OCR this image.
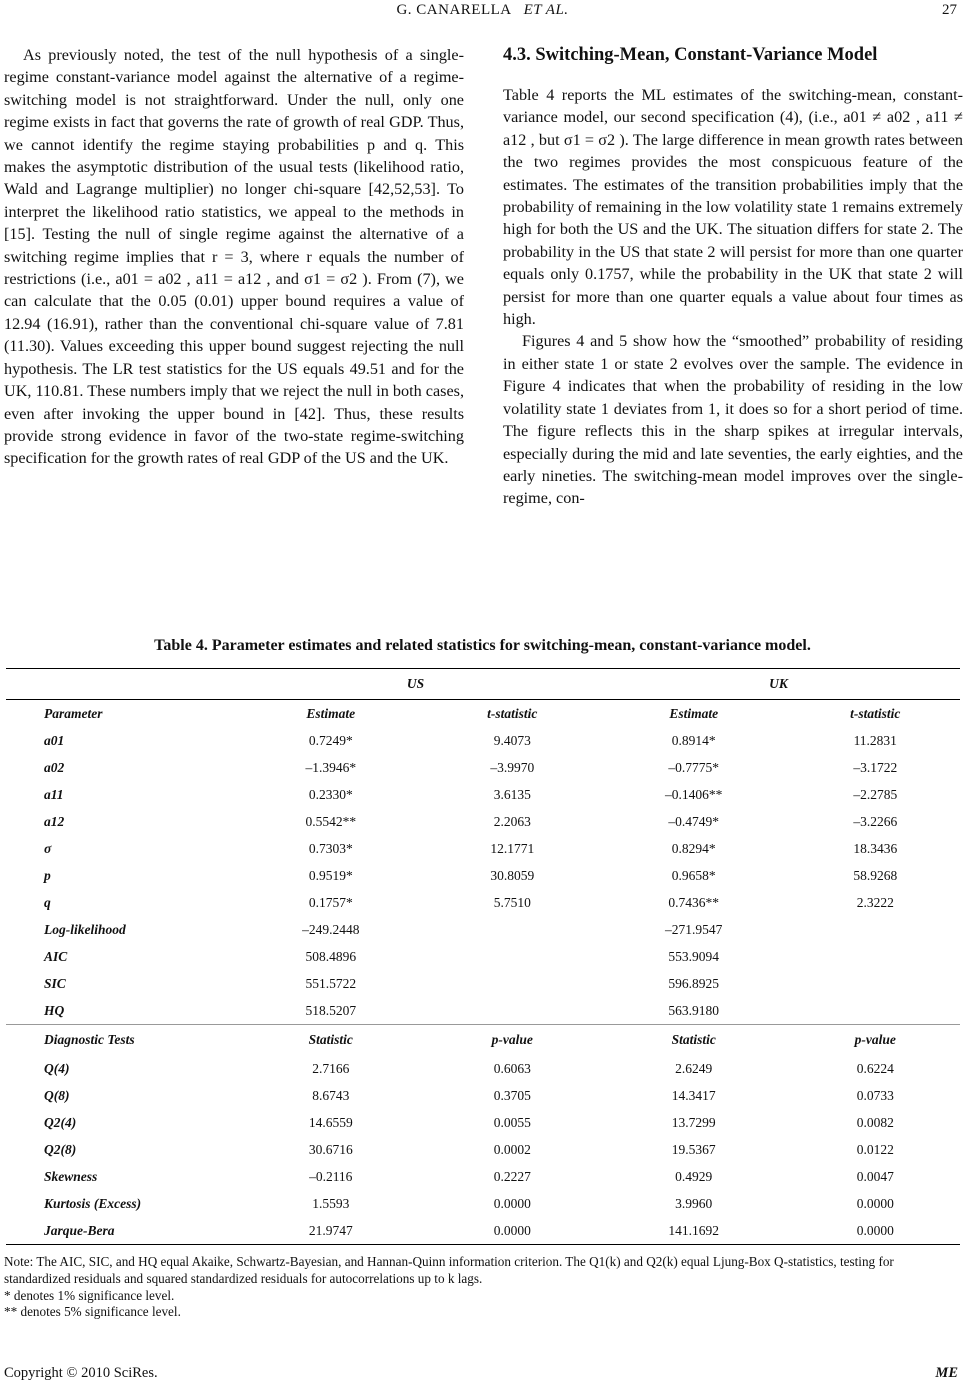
G. CANARELLA ET AL.	27

As previously noted, the test of the null hypothesis of a single-regime constant-variance model against the alternative of a regime-switching model is not straightforward. Under the null, only one regime exists in fact that governs the rate of growth of real GDP. Thus, we cannot identify the regime staying probabilities p and q. This makes the asymptotic distribution of the usual tests (likelihood ratio, Wald and Lagrange multiplier) no longer chi-square [42,52,53]. To interpret the likelihood ratio statistics, we appeal to the methods in [15]. Testing the null of single regime against the alternative of a switching regime implies that r = 3, where r equals the number of restrictions (i.e., a01 = a02 , a11 = a12 , and σ1 = σ2 ). From (7), we can calculate that the 0.05 (0.01) upper bound requires a value of 12.94 (16.91), rather than the conventional chi-square value of 7.81 (11.30). Values exceeding this upper bound suggest rejecting the null hypothesis. The LR test statistics for the US equals 49.51 and for the UK, 110.81. These numbers imply that we reject the null in both cases, even after invoking the upper bound in [42]. Thus, these results provide strong evidence in favor of the two-state regime-switching specification for the growth rates of real GDP of the US and the UK.

4.3. Switching-Mean, Constant-Variance Model

Table 4 reports the ML estimates of the switching-mean, constant-variance model, our second specification (4), (i.e., a01 ≠ a02 , a11 ≠ a12 , but σ1 = σ2 ). The large difference in mean growth rates between the two regimes provides the most conspicuous feature of the estimates. The estimates of the transition probabilities imply that the probability of remaining in the low volatility state 1 remains extremely high for both the US and the UK. The situation differs for state 2. The probability in the US that state 2 will persist for more than one quarter equals only 0.1757, while the probability in the UK that state 2 will persist for more than one quarter equals a value about four times as high.

Figures 4 and 5 show how the “smoothed” probability of residing in either state 1 or state 2 evolves over the sample. The evidence in Figure 4 indicates that when the probability of residing in the low volatility state 1 deviates from 1, it does so for a short period of time. The figure reflects this in the sharp spikes at irregular intervals, especially during the mid and late seventies, the early eighties, and the early nineties. The switching-mean model improves over the single-regime, con-

Table 4. Parameter estimates and related statistics for switching-mean, constant-variance model.
	US		UK	
Parameter	Estimate	t-statistic	Estimate	t-statistic
a01	0.7249*	9.4073	0.8914*	11.2831
a02	–1.3946*	–3.9970	–0.7775*	–3.1722
a11	0.2330*	3.6135	–0.1406**	–2.2785
a12	0.5542**	2.2063	–0.4749*	–3.2266
σ	0.7303*	12.1771	0.8294*	18.3436
p	0.9519*	30.8059	0.9658*	58.9268
q	0.1757*	5.7510	0.7436**	2.3222
Log-likelihood	–249.2448		–271.9547	
AIC	508.4896		553.9094	
SIC	551.5722		596.8925	
HQ	518.5207		563.9180	
Diagnostic Tests	Statistic	p-value	Statistic	p-value
Q(4)	2.7166	0.6063	2.6249	0.6224
Q(8)	8.6743	0.3705	14.3417	0.0733
Q2(4)	14.6559	0.0055	13.7299	0.0082
Q2(8)	30.6716	0.0002	19.5367	0.0122
Skewness	–0.2116	0.2227	0.4929	0.0047
Kurtosis (Excess)	1.5593	0.0000	3.9960	0.0000
Jarque-Bera	21.9747	0.0000	141.1692	0.0000

Note: The AIC, SIC, and HQ equal Akaike, Schwartz-Bayesian, and Hannan-Quinn information criterion. The Q1(k) and Q2(k) equal Ljung-Box Q-statistics, testing for standardized residuals and squared standardized residuals for autocorrelations up to k lags.

* denotes 1% significance level.

** denotes 5% significance level.

Copyright © 2010 SciRes.	ME
